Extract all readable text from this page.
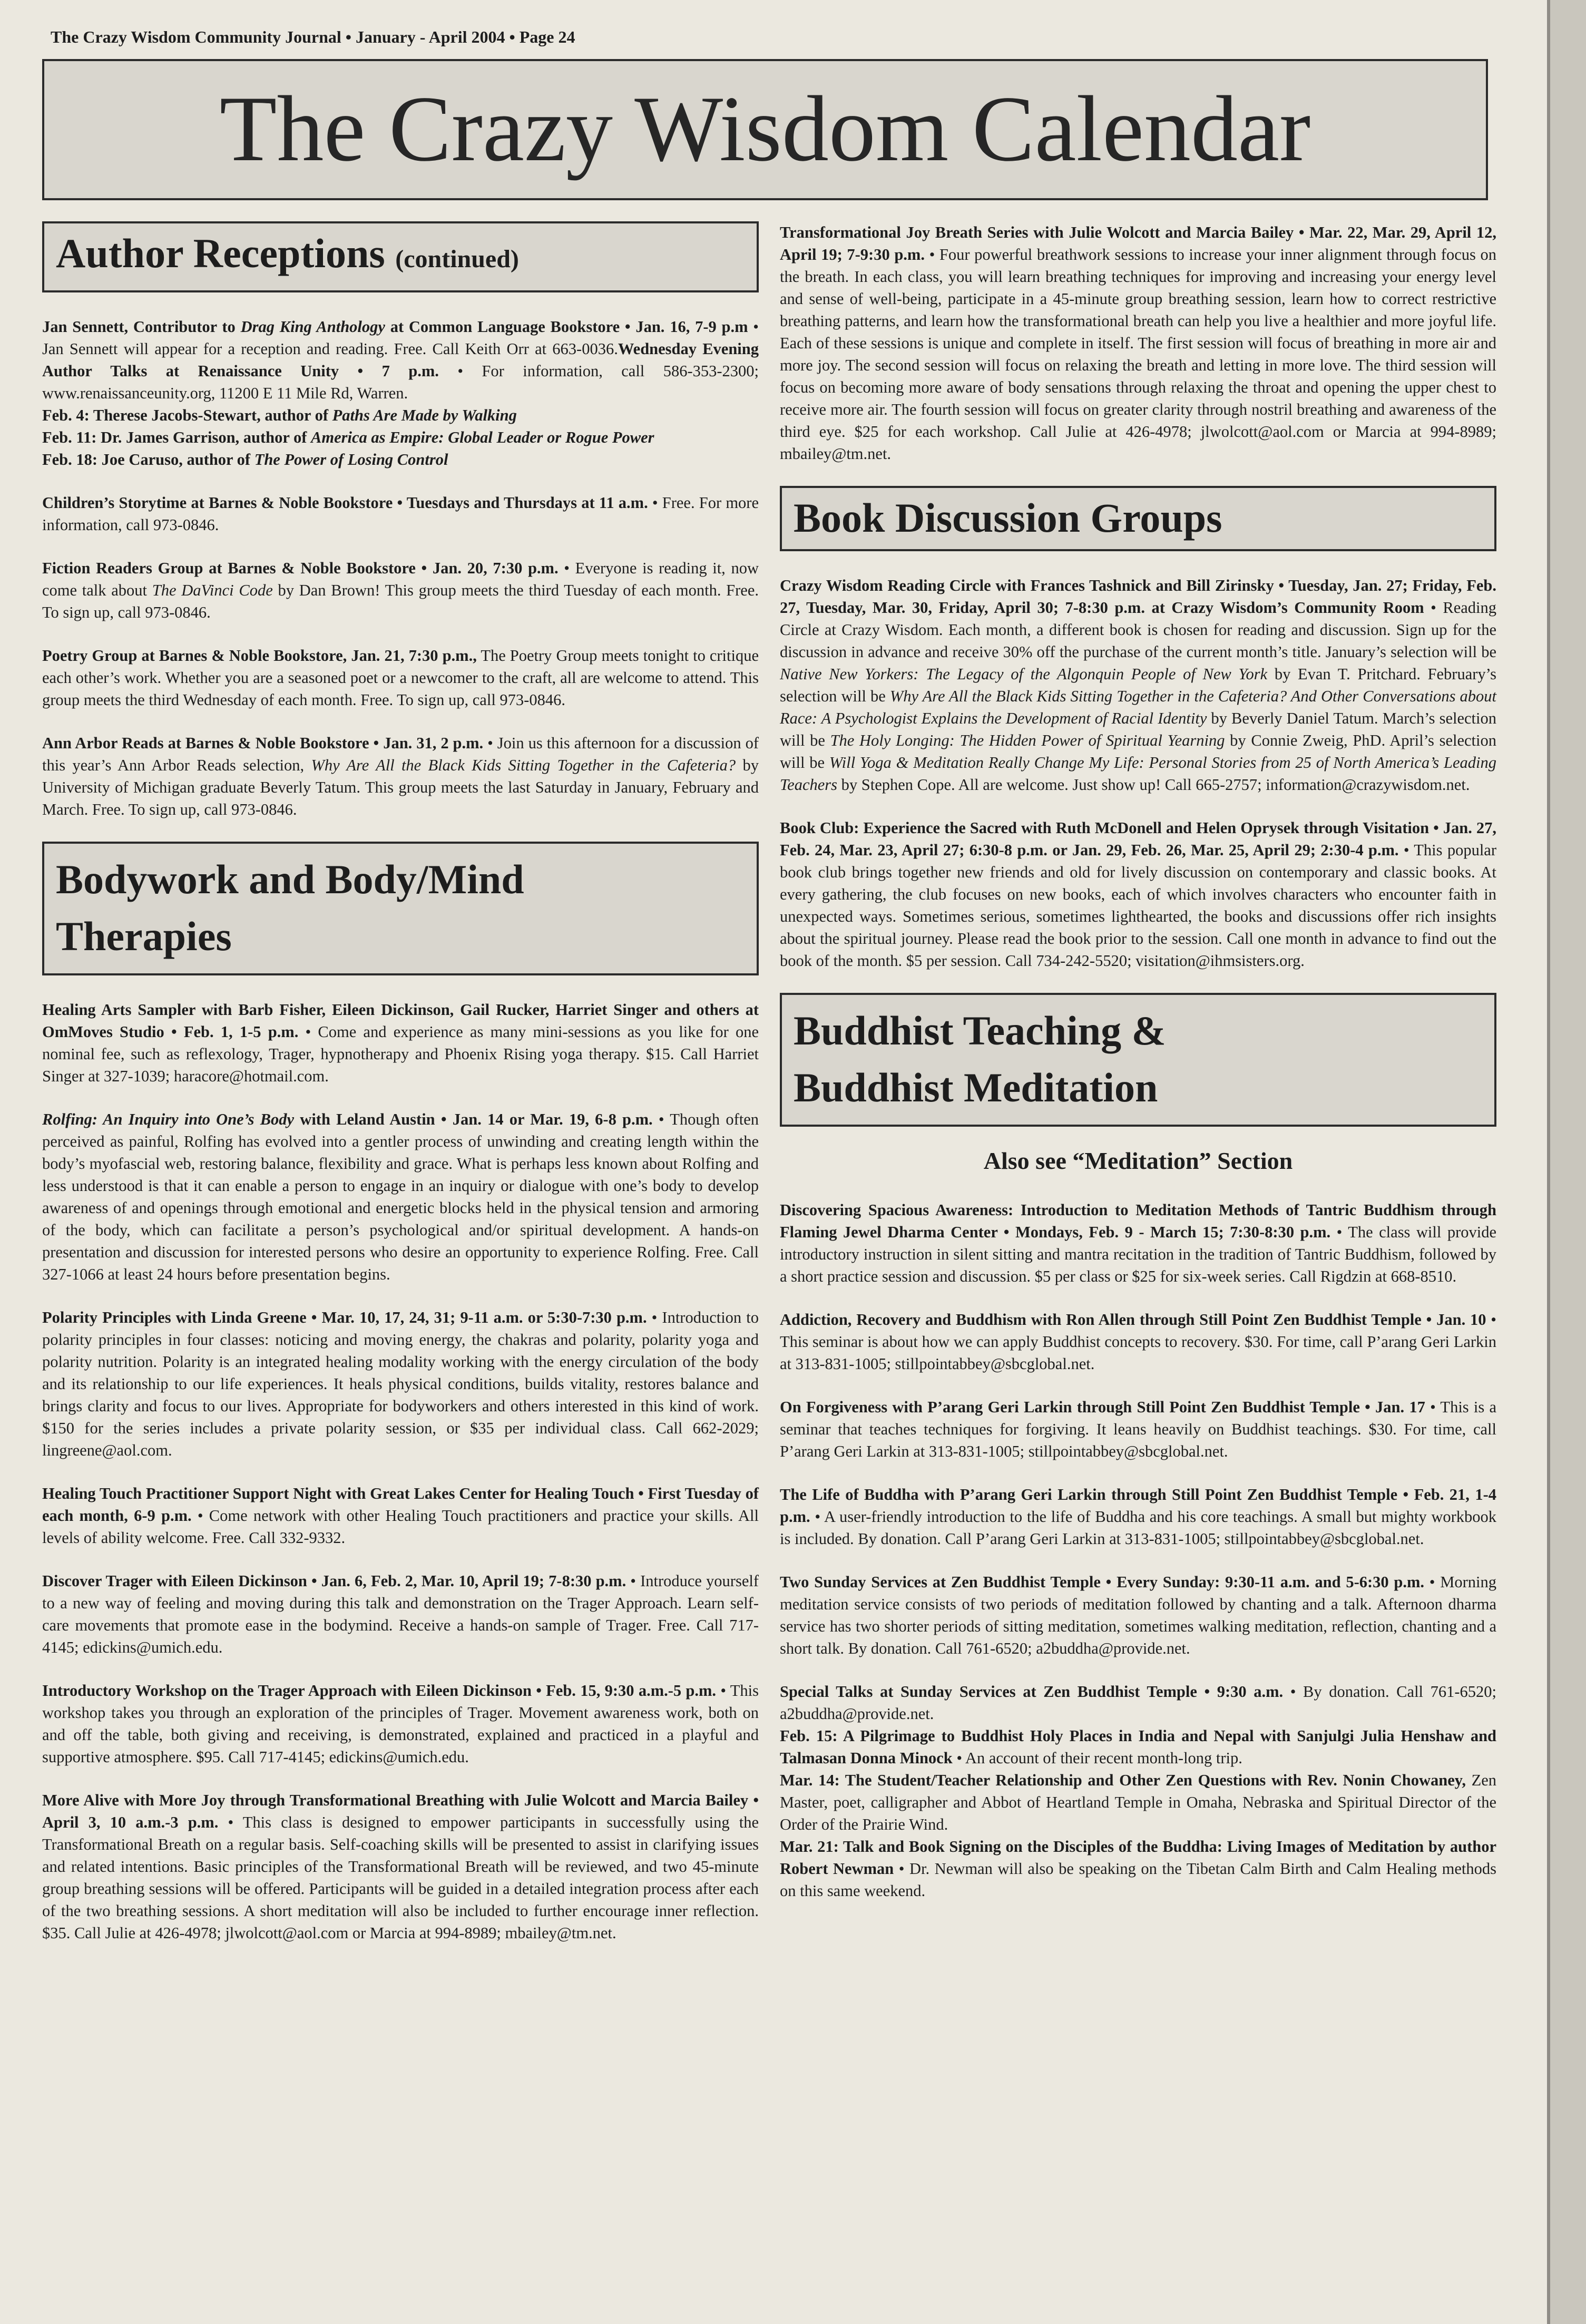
The Crazy Wisdom Community Journal • January - April 2004 • Page 24
The Crazy Wisdom Calendar
Author Receptions (continued)

Jan Sennett, Contributor to Drag King Anthology at Common Language Bookstore • Jan. 16, 7-9 p.m • Jan Sennett will appear for a reception and reading. Free. Call Keith Orr at 663-0036.Wednesday Evening Author Talks at Renaissance Unity • 7 p.m. • For information, call 586-353-2300; www.renaissanceunity.org, 11200 E 11 Mile Rd, Warren.

Feb. 4: Therese Jacobs-Stewart, author of Paths Are Made by Walking

Feb. 11: Dr. James Garrison, author of America as Empire: Global Leader or Rogue Power

Feb. 18: Joe Caruso, author of The Power of Losing Control

Children’s Storytime at Barnes & Noble Bookstore • Tuesdays and Thursdays at 11 a.m. • Free. For more information, call 973-0846.

Fiction Readers Group at Barnes & Noble Bookstore • Jan. 20, 7:30 p.m. • Everyone is reading it, now come talk about The DaVinci Code by Dan Brown! This group meets the third Tuesday of each month. Free. To sign up, call 973-0846.

Poetry Group at Barnes & Noble Bookstore, Jan. 21, 7:30 p.m., The Poetry Group meets tonight to critique each other’s work. Whether you are a seasoned poet or a newcomer to the craft, all are welcome to attend. This group meets the third Wednesday of each month. Free. To sign up, call 973-0846.

Ann Arbor Reads at Barnes & Noble Bookstore • Jan. 31, 2 p.m. • Join us this afternoon for a discussion of this year’s Ann Arbor Reads selection, Why Are All the Black Kids Sitting Together in the Cafeteria? by University of Michigan graduate Beverly Tatum. This group meets the last Saturday in January, February and March. Free. To sign up, call 973-0846.

Bodywork and Body/Mind
Therapies

Healing Arts Sampler with Barb Fisher, Eileen Dickinson, Gail Rucker, Harriet Singer and others at OmMoves Studio • Feb. 1, 1-5 p.m. • Come and experience as many mini-sessions as you like for one nominal fee, such as reflexology, Trager, hypnotherapy and Phoenix Rising yoga therapy. $15. Call Harriet Singer at 327-1039; haracore@hotmail.com.

Rolfing: An Inquiry into One’s Body with Leland Austin • Jan. 14 or Mar. 19, 6-8 p.m. • Though often perceived as painful, Rolfing has evolved into a gentler process of unwinding and creating length within the body’s myofascial web, restoring balance, flexibility and grace. What is perhaps less known about Rolfing and less understood is that it can enable a person to engage in an inquiry or dialogue with one’s body to develop awareness of and openings through emotional and energetic blocks held in the physical tension and armoring of the body, which can facilitate a person’s psychological and/or spiritual development. A hands-on presentation and discussion for interested persons who desire an opportunity to experience Rolfing. Free. Call 327-1066 at least 24 hours before presentation begins.

Polarity Principles with Linda Greene • Mar. 10, 17, 24, 31; 9-11 a.m. or 5:30-7:30 p.m. • Introduction to polarity principles in four classes: noticing and moving energy, the chakras and polarity, polarity yoga and polarity nutrition. Polarity is an integrated healing modality working with the energy circulation of the body and its relationship to our life experiences. It heals physical conditions, builds vitality, restores balance and brings clarity and focus to our lives. Appropriate for bodyworkers and others interested in this kind of work. $150 for the series includes a private polarity session, or $35 per individual class. Call 662-2029; lingreene@aol.com.

Healing Touch Practitioner Support Night with Great Lakes Center for Healing Touch • First Tuesday of each month, 6-9 p.m. • Come network with other Healing Touch practitioners and practice your skills. All levels of ability welcome. Free. Call 332-9332.

Discover Trager with Eileen Dickinson • Jan. 6, Feb. 2, Mar. 10, April 19; 7-8:30 p.m. • Introduce yourself to a new way of feeling and moving during this talk and demonstration on the Trager Approach. Learn self-care movements that promote ease in the bodymind. Receive a hands-on sample of Trager. Free. Call 717-4145; edickins@umich.edu.

Introductory Workshop on the Trager Approach with Eileen Dickinson • Feb. 15, 9:30 a.m.-5 p.m. • This workshop takes you through an exploration of the principles of Trager. Movement awareness work, both on and off the table, both giving and receiving, is demonstrated, explained and practiced in a playful and supportive atmosphere. $95. Call 717-4145; edickins@umich.edu.

More Alive with More Joy through Transformational Breathing with Julie Wolcott and Marcia Bailey • April 3, 10 a.m.-3 p.m. • This class is designed to empower participants in successfully using the Transformational Breath on a regular basis. Self-coaching skills will be presented to assist in clarifying issues and related intentions. Basic principles of the Transformational Breath will be reviewed, and two 45-minute group breathing sessions will be offered. Participants will be guided in a detailed integration process after each of the two breathing sessions. A short meditation will also be included to further encourage inner reflection. $35. Call Julie at 426-4978; jlwolcott@aol.com or Marcia at 994-8989; mbailey@tm.net.

Transformational Joy Breath Series with Julie Wolcott and Marcia Bailey • Mar. 22, Mar. 29, April 12, April 19; 7-9:30 p.m. • Four powerful breathwork sessions to increase your inner alignment through focus on the breath. In each class, you will learn breathing techniques for improving and increasing your energy level and sense of well-being, participate in a 45-minute group breathing session, learn how to correct restrictive breathing patterns, and learn how the transformational breath can help you live a healthier and more joyful life. Each of these sessions is unique and complete in itself. The first session will focus of breathing in more air and more joy. The second session will focus on relaxing the breath and letting in more love. The third session will focus on becoming more aware of body sensations through relaxing the throat and opening the upper chest to receive more air. The fourth session will focus on greater clarity through nostril breathing and awareness of the third eye. $25 for each workshop. Call Julie at 426-4978; jlwolcott@aol.com or Marcia at 994-8989; mbailey@tm.net.

Book Discussion Groups

Crazy Wisdom Reading Circle with Frances Tashnick and Bill Zirinsky • Tuesday, Jan. 27; Friday, Feb. 27, Tuesday, Mar. 30, Friday, April 30; 7-8:30 p.m. at Crazy Wisdom’s Community Room • Reading Circle at Crazy Wisdom. Each month, a different book is chosen for reading and discussion. Sign up for the discussion in advance and receive 30% off the purchase of the current month’s title. January’s selection will be Native New Yorkers: The Legacy of the Algonquin People of New York by Evan T. Pritchard. February’s selection will be Why Are All the Black Kids Sitting Together in the Cafeteria? And Other Conversations about Race: A Psychologist Explains the Development of Racial Identity by Beverly Daniel Tatum. March’s selection will be The Holy Longing: The Hidden Power of Spiritual Yearning by Connie Zweig, PhD. April’s selection will be Will Yoga & Meditation Really Change My Life: Personal Stories from 25 of North America’s Leading Teachers by Stephen Cope. All are welcome. Just show up! Call 665-2757; information@crazywisdom.net.

Book Club: Experience the Sacred with Ruth McDonell and Helen Oprysek through Visitation • Jan. 27, Feb. 24, Mar. 23, April 27; 6:30-8 p.m. or Jan. 29, Feb. 26, Mar. 25, April 29; 2:30-4 p.m. • This popular book club brings together new friends and old for lively discussion on contemporary and classic books. At every gathering, the club focuses on new books, each of which involves characters who encounter faith in unexpected ways. Sometimes serious, sometimes lighthearted, the books and discussions offer rich insights about the spiritual journey. Please read the book prior to the session. Call one month in advance to find out the book of the month. $5 per session. Call 734-242-5520; visitation@ihmsisters.org.

Buddhist Teaching &
Buddhist Meditation
Also see “Meditation” Section

Discovering Spacious Awareness: Introduction to Meditation Methods of Tantric Buddhism through Flaming Jewel Dharma Center • Mondays, Feb. 9 - March 15; 7:30-8:30 p.m. • The class will provide introductory instruction in silent sitting and mantra recitation in the tradition of Tantric Buddhism, followed by a short practice session and discussion. $5 per class or $25 for six-week series. Call Rigdzin at 668-8510.

Addiction, Recovery and Buddhism with Ron Allen through Still Point Zen Buddhist Temple • Jan. 10 • This seminar is about how we can apply Buddhist concepts to recovery. $30. For time, call P’arang Geri Larkin at 313-831-1005; stillpointabbey@sbcglobal.net.

On Forgiveness with P’arang Geri Larkin through Still Point Zen Buddhist Temple • Jan. 17 • This is a seminar that teaches techniques for forgiving. It leans heavily on Buddhist teachings. $30. For time, call P’arang Geri Larkin at 313-831-1005; stillpointabbey@sbcglobal.net.

The Life of Buddha with P’arang Geri Larkin through Still Point Zen Buddhist Temple • Feb. 21, 1-4 p.m. • A user-friendly introduction to the life of Buddha and his core teachings. A small but mighty workbook is included. By donation. Call P’arang Geri Larkin at 313-831-1005; stillpointabbey@sbcglobal.net.

Two Sunday Services at Zen Buddhist Temple • Every Sunday: 9:30-11 a.m. and 5-6:30 p.m. • Morning meditation service consists of two periods of meditation followed by chanting and a talk. Afternoon dharma service has two shorter periods of sitting meditation, sometimes walking meditation, reflection, chanting and a short talk. By donation. Call 761-6520; a2buddha@provide.net.

Special Talks at Sunday Services at Zen Buddhist Temple • 9:30 a.m. • By donation. Call 761-6520; a2buddha@provide.net.

Feb. 15: A Pilgrimage to Buddhist Holy Places in India and Nepal with Sanjulgi Julia Henshaw and Talmasan Donna Minock • An account of their recent month-long trip.

Mar. 14: The Student/Teacher Relationship and Other Zen Questions with Rev. Nonin Chowaney, Zen Master, poet, calligrapher and Abbot of Heartland Temple in Omaha, Nebraska and Spiritual Director of the Order of the Prairie Wind.

Mar. 21: Talk and Book Signing on the Disciples of the Buddha: Living Images of Meditation by author Robert Newman • Dr. Newman will also be speaking on the Tibetan Calm Birth and Calm Healing methods on this same weekend.
